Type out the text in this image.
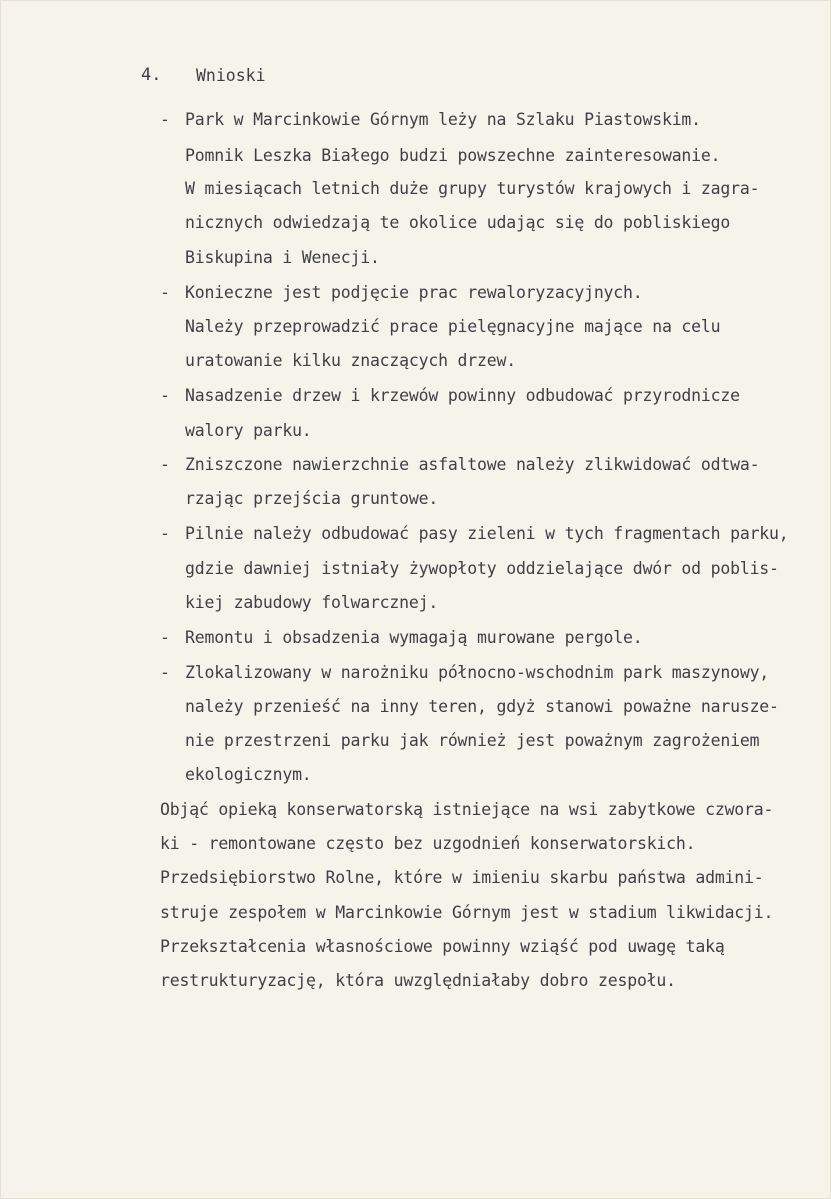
4. Wnioski
- Park w Marcinkowie Górnym leży na Szlaku Piastowskim.
Pomnik Leszka Białego budzi powszechne zainteresowanie.
W miesiącach letnich duże grupy turystów krajowych i zagra-
nicznych odwiedzają te okolice udając się do pobliskiego
Biskupina i Wenecji.
- Konieczne jest podjęcie prac rewaloryzacyjnych.
Należy przeprowadzić prace pielęgnacyjne mające na celu
uratowanie kilku znaczących drzew.
- Nasadzenie drzew i krzewów powinny odbudować przyrodnicze
walory parku.
- Zniszczone nawierzchnie asfaltowe należy zlikwidować odtwa-
rzając przejścia gruntowe.
- Pilnie należy odbudować pasy zieleni w tych fragmentach parku,
gdzie dawniej istniały żywopłoty oddzielające dwór od poblis-
kiej zabudowy folwarcznej.
- Remontu i obsadzenia wymagają murowane pergole.
- Zlokalizowany w narożniku północno-wschodnim park maszynowy,
należy przenieść na inny teren, gdyż stanowi poważne narusze-
nie przestrzeni parku jak również jest poważnym zagrożeniem
ekologicznym.
Objąć opieką konserwatorską istniejące na wsi zabytkowe czwora-
ki - remontowane często bez uzgodnień konserwatorskich.
Przedsiębiorstwo Rolne, które w imieniu skarbu państwa admini-
struje zespołem w Marcinkowie Górnym jest w stadium likwidacji.
Przekształcenia własnościowe powinny wziąść pod uwagę taką
restrukturyzację, która uwzględniałaby dobro zespołu.
